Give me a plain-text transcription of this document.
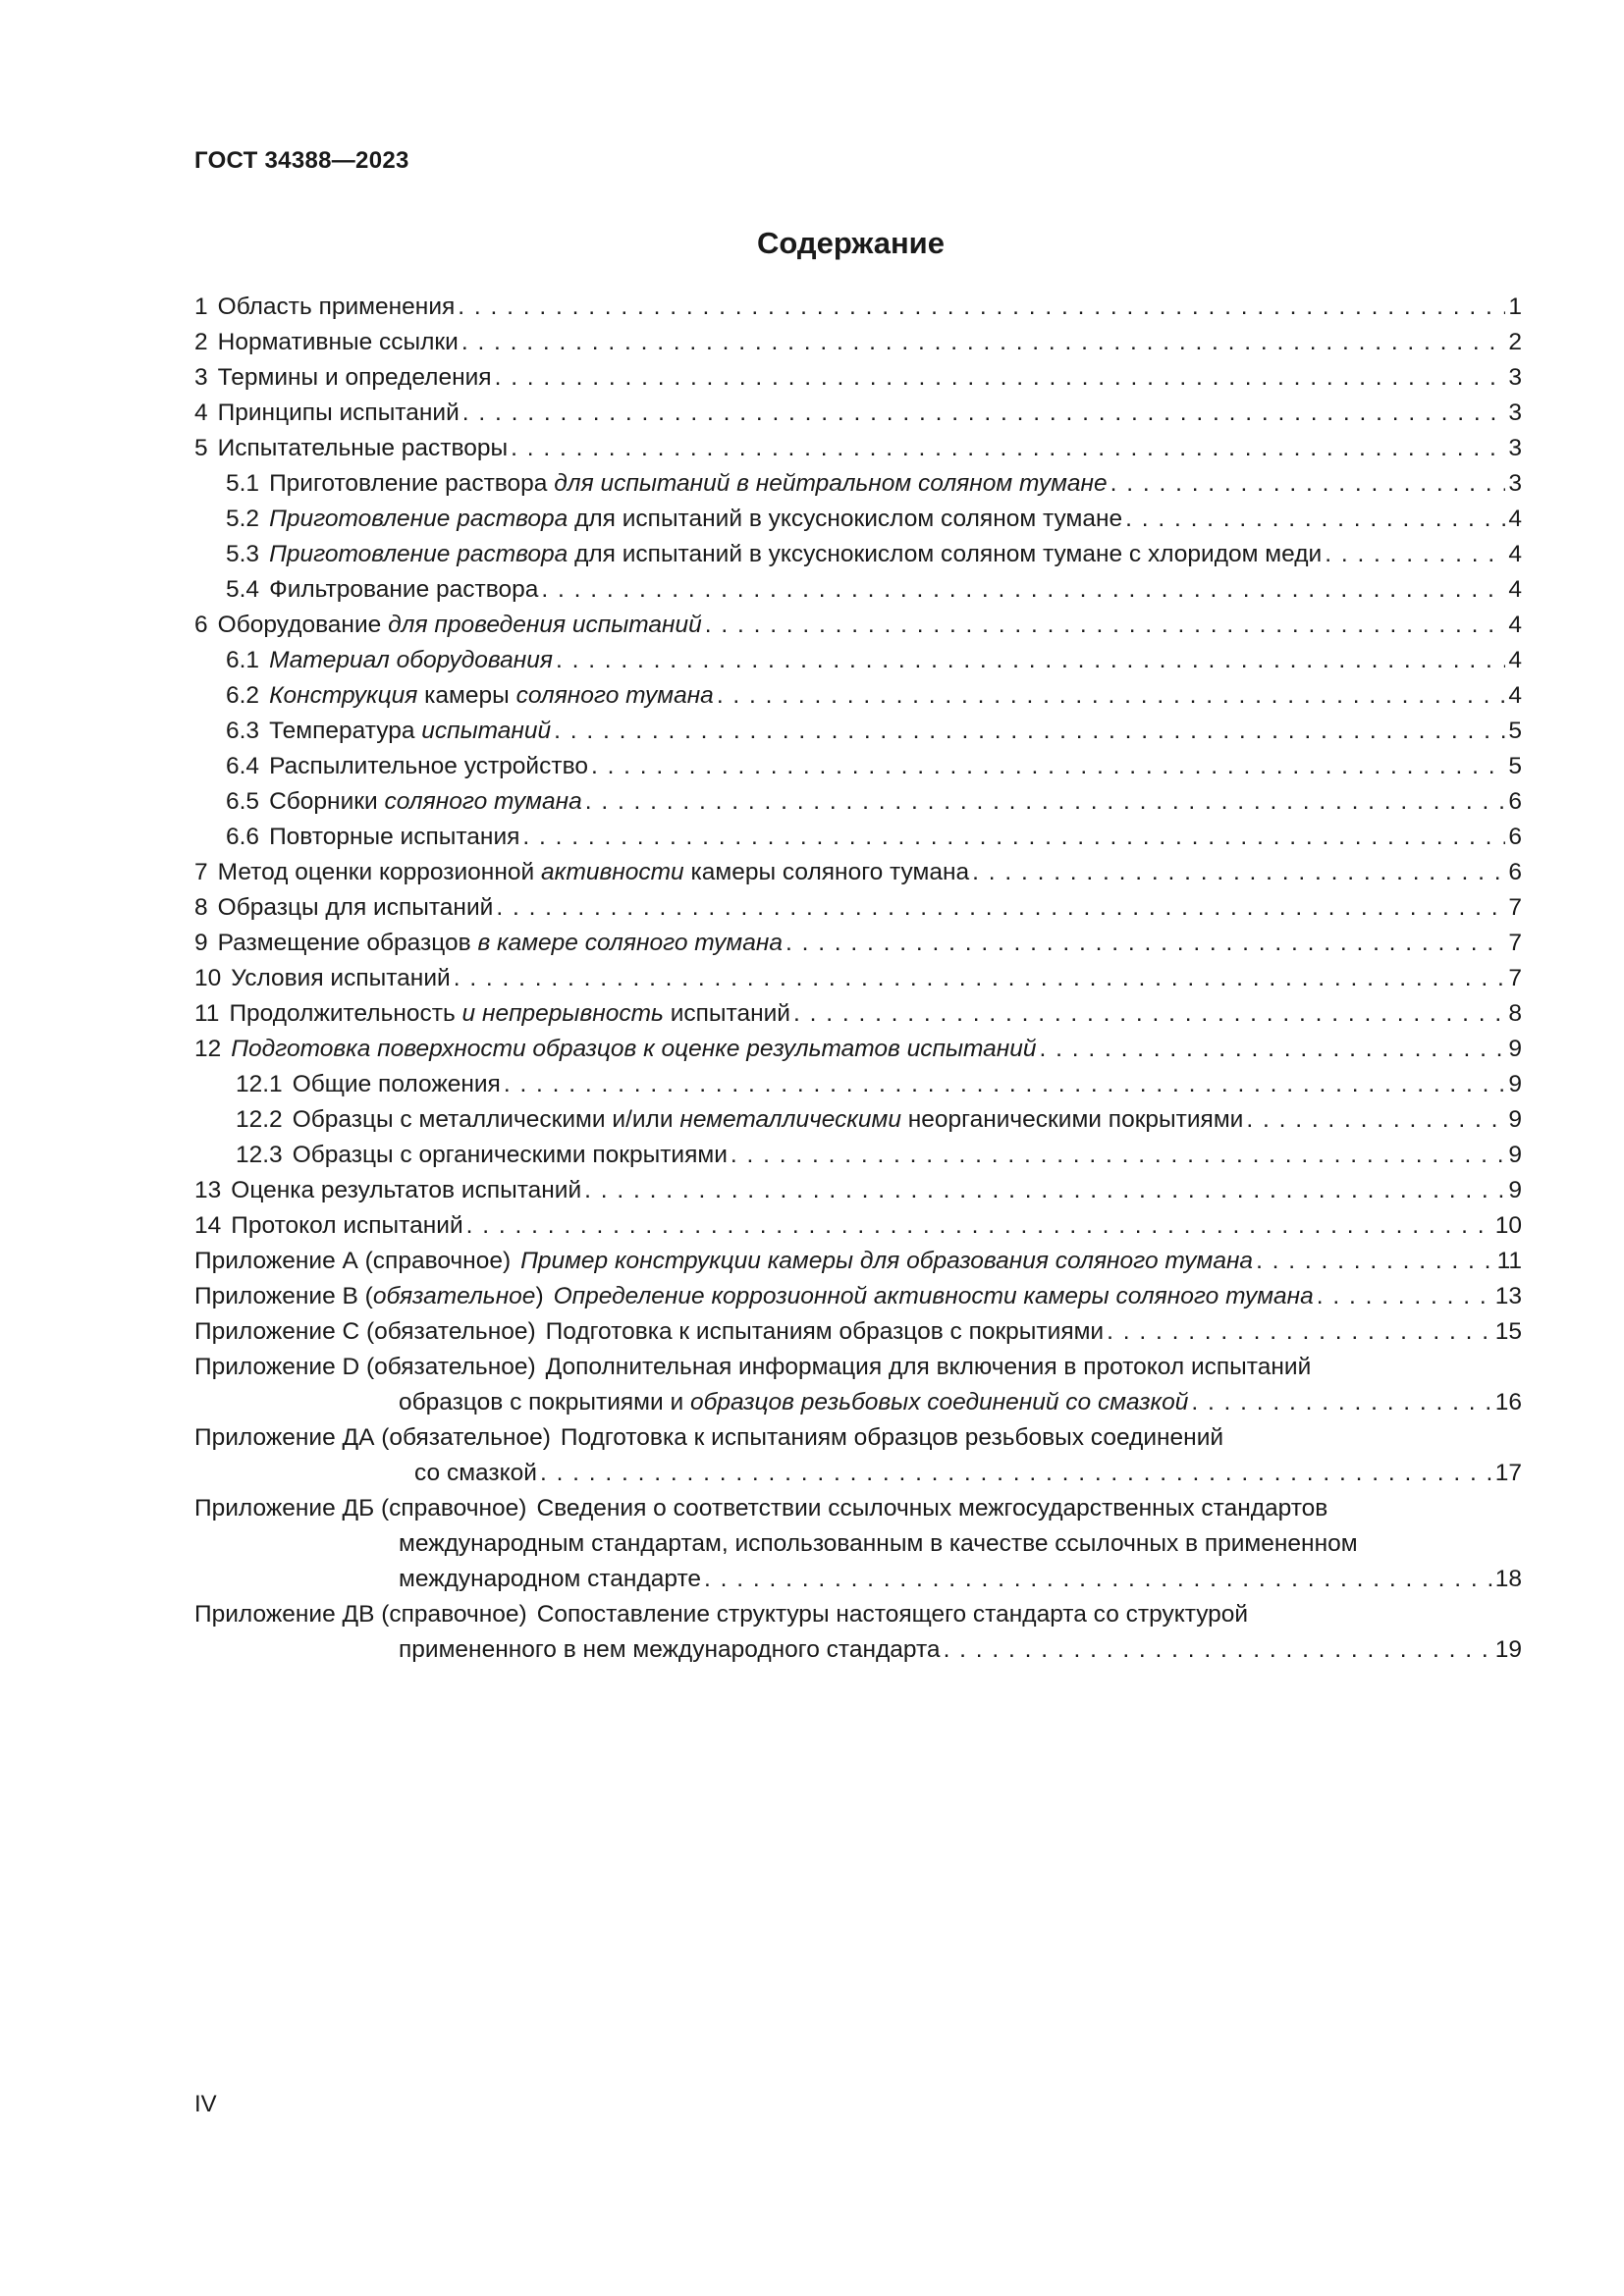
ГОСТ 34388—2023
Содержание
1 Область применения . . .	1
2 Нормативные ссылки . . .	2
3 Термины и определения . . .	3
4 Принципы испытаний . . .	3
5 Испытательные растворы . . .	3
5.1 Приготовление раствора для испытаний в нейтральном соляном тумане . . .	3
5.2 Приготовление раствора для испытаний в уксуснокислом соляном тумане . . .	4
5.3 Приготовление раствора для испытаний в уксуснокислом соляном тумане с хлоридом меди . . .	4
5.4 Фильтрование раствора . . .	4
6 Оборудование для проведения испытаний . . .	4
6.1 Материал оборудования . . .	4
6.2 Конструкция камеры соляного тумана . . .	4
6.3 Температура испытаний . . .	5
6.4 Распылительное устройство . . .	5
6.5 Сборники соляного тумана . . .	6
6.6 Повторные испытания . . .	6
7 Метод оценки коррозионной активности камеры соляного тумана . . .	6
8 Образцы для испытаний . . .	7
9 Размещение образцов в камере соляного тумана . . .	7
10 Условия испытаний . . .	7
11 Продолжительность и непрерывность испытаний . . .	8
12 Подготовка поверхности образцов к оценке результатов испытаний . . .	9
12.1 Общие положения . . .	9
12.2 Образцы с металлическими и/или неметаллическими неорганическими покрытиями . . .	9
12.3 Образцы с органическими покрытиями . . .	9
13 Оценка результатов испытаний . . .	9
14 Протокол испытаний . . .	10
Приложение А (справочное) Пример конструкции камеры для образования соляного тумана . . .	11
Приложение В (обязательное) Определение коррозионной активности камеры соляного тумана . . .	13
Приложение С (обязательное) Подготовка к испытаниям образцов с покрытиями . . .	15
Приложение D (обязательное) Дополнительная информация для включения в протокол испытаний
образцов с покрытиями и образцов резьбовых соединений со смазкой . . .	16
Приложение ДА (обязательное) Подготовка к испытаниям образцов резьбовых соединений
со смазкой . . .	17
Приложение ДБ (справочное) Сведения о соответствии ссылочных межгосударственных стандартов
международным стандартам, использованным в качестве ссылочных в примененном
международном стандарте . . .	18
Приложение ДВ (справочное) Сопоставление структуры настоящего стандарта со структурой
примененного в нем международного стандарта . . .	19
IV
